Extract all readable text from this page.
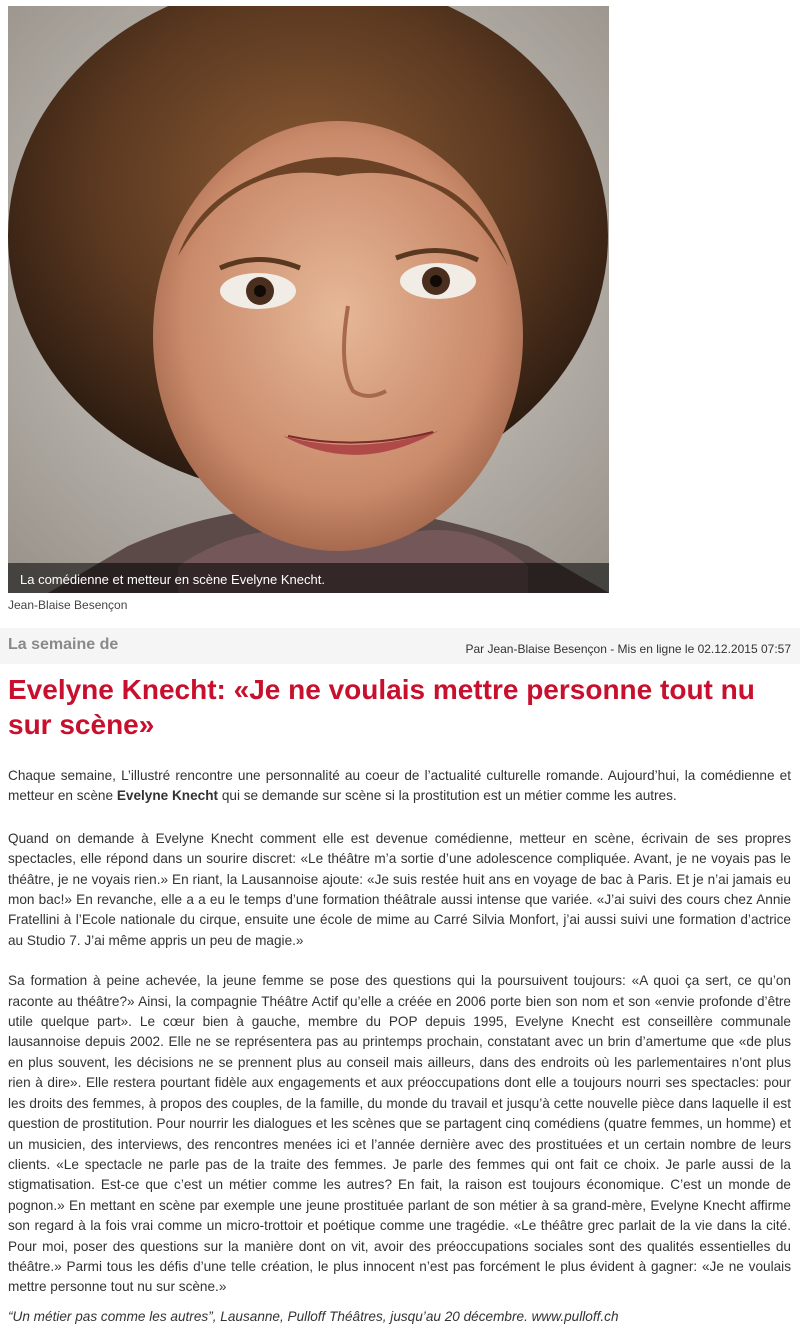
La comédienne et metteur en scène Evelyne Knecht.
Jean-Blaise Besençon
La semaine de	Par Jean-Blaise Besençon - Mis en ligne le 02.12.2015 07:57
Evelyne Knecht: «Je ne voulais mettre personne tout nu sur scène»

Chaque semaine, L’illustré rencontre une personnalité au coeur de l’actualité culturelle romande. Aujourd’hui, la comédienne et metteur en scène Evelyne Knecht qui se demande sur scène si la prostitution est un métier comme les autres.

Quand on demande à Evelyne Knecht comment elle est devenue comédienne, metteur en scène, écrivain de ses propres spectacles, elle répond dans un sourire discret: «Le théâtre m’a sortie d’une adolescence compliquée. Avant, je ne voyais pas le théâtre, je ne voyais rien.» En riant, la Lausannoise ajoute: «Je suis restée huit ans en voyage de bac à Paris. Et je n’ai jamais eu mon bac!» En revanche, elle a a eu le temps d’une formation théâtrale aussi intense que variée. «J’ai suivi des cours chez Annie Fratellini à l’Ecole nationale du cirque, ensuite une école de mime au Carré Silvia Monfort, j’ai aussi suivi une formation d’actrice au Studio 7. J’ai même appris un peu de magie.»

Sa formation à peine achevée, la jeune femme se pose des questions qui la poursuivent toujours: «A quoi ça sert, ce qu’on raconte au théâtre?» Ainsi, la compagnie Théâtre Actif qu’elle a créée en 2006 porte bien son nom et son «envie profonde d’être utile quelque part». Le cœur bien à gauche, membre du POP depuis 1995, Evelyne Knecht est conseillère communale lausannoise depuis 2002. Elle ne se représentera pas au printemps prochain, constatant avec un brin d’amertume que «de plus en plus souvent, les décisions ne se prennent plus au conseil mais ailleurs, dans des endroits où les parlementaires n’ont plus rien à dire». Elle restera pourtant fidèle aux engagements et aux préoccupations dont elle a toujours nourri ses spectacles: pour les droits des femmes, à propos des couples, de la famille, du monde du travail et jusqu’à cette nouvelle pièce dans laquelle il est question de prostitution. Pour nourrir les dialogues et les scènes que se partagent cinq comédiens (quatre femmes, un homme) et un musicien, des interviews, des rencontres menées ici et l’année dernière avec des prostituées et un certain nombre de leurs clients. «Le spectacle ne parle pas de la traite des femmes. Je parle des femmes qui ont fait ce choix. Je parle aussi de la stigmatisation. Est-ce que c’est un métier comme les autres? En fait, la raison est toujours économique. C’est un monde de pognon.» En mettant en scène par exemple une jeune prostituée parlant de son métier à sa grand-mère, Evelyne Knecht affirme son regard à la fois vrai comme un micro-trottoir et poétique comme une tragédie. «Le théâtre grec parlait de la vie dans la cité. Pour moi, poser des questions sur la manière dont on vit, avoir des préoccupations sociales sont des qualités essentielles du théâtre.» Parmi tous les défis d’une telle création, le plus innocent n’est pas forcément le plus évident à gagner: «Je ne voulais mettre personne tout nu sur scène.»

“Un métier pas comme les autres”, Lausanne, Pulloff Théâtres, jusqu’au 20 décembre. www.pulloff.ch
